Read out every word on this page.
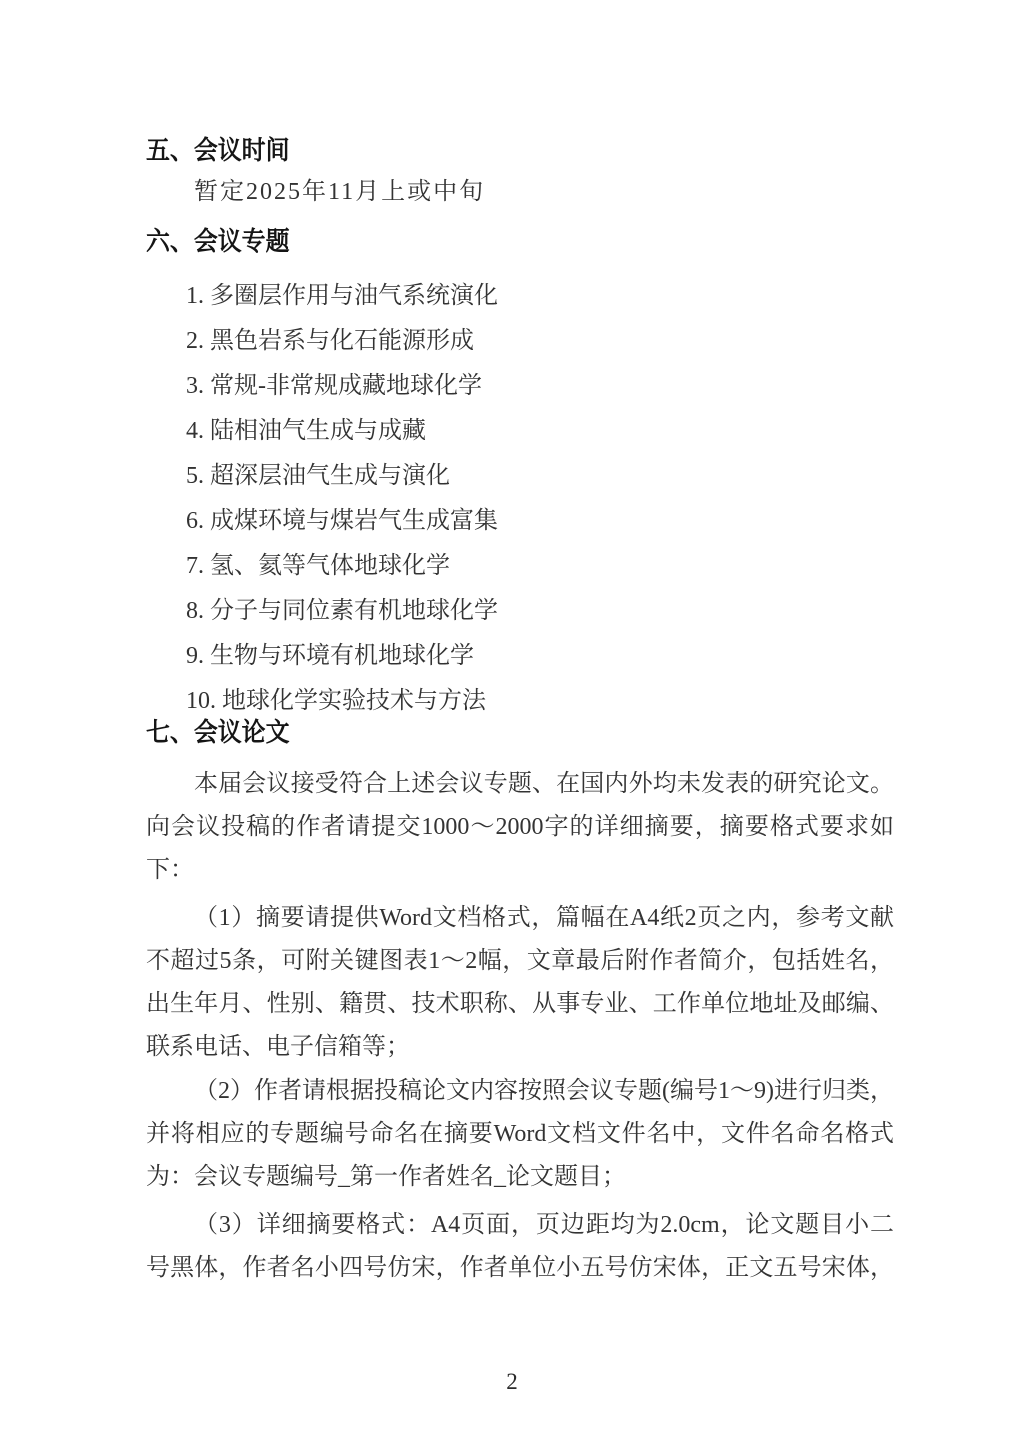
五、会议时间
暂定2025年11月上或中旬
六、会议专题
1. 多圈层作用与油气系统演化
2. 黑色岩系与化石能源形成
3. 常规-非常规成藏地球化学
4. 陆相油气生成与成藏
5. 超深层油气生成与演化
6. 成煤环境与煤岩气生成富集
7. 氢、氦等气体地球化学
8. 分子与同位素有机地球化学
9. 生物与环境有机地球化学
10. 地球化学实验技术与方法
七、会议论文
本届会议接受符合上述会议专题、在国内外均未发表的研究论文。
向会议投稿的作者请提交1000～2000字的详细摘要，摘要格式要求如
下：
（1）摘要请提供Word文档格式，篇幅在A4纸2页之内，参考文献
不超过5条，可附关键图表1～2幅，文章最后附作者简介，包括姓名，
出生年月、性别、籍贯、技术职称、从事专业、工作单位地址及邮编、
联系电话、电子信箱等；
（2）作者请根据投稿论文内容按照会议专题(编号1～9)进行归类，
并将相应的专题编号命名在摘要Word文档文件名中，文件名命名格式
为：会议专题编号_第一作者姓名_论文题目；
（3）详细摘要格式：A4页面，页边距均为2.0cm，论文题目小二
号黑体，作者名小四号仿宋，作者单位小五号仿宋体，正文五号宋体，
2
